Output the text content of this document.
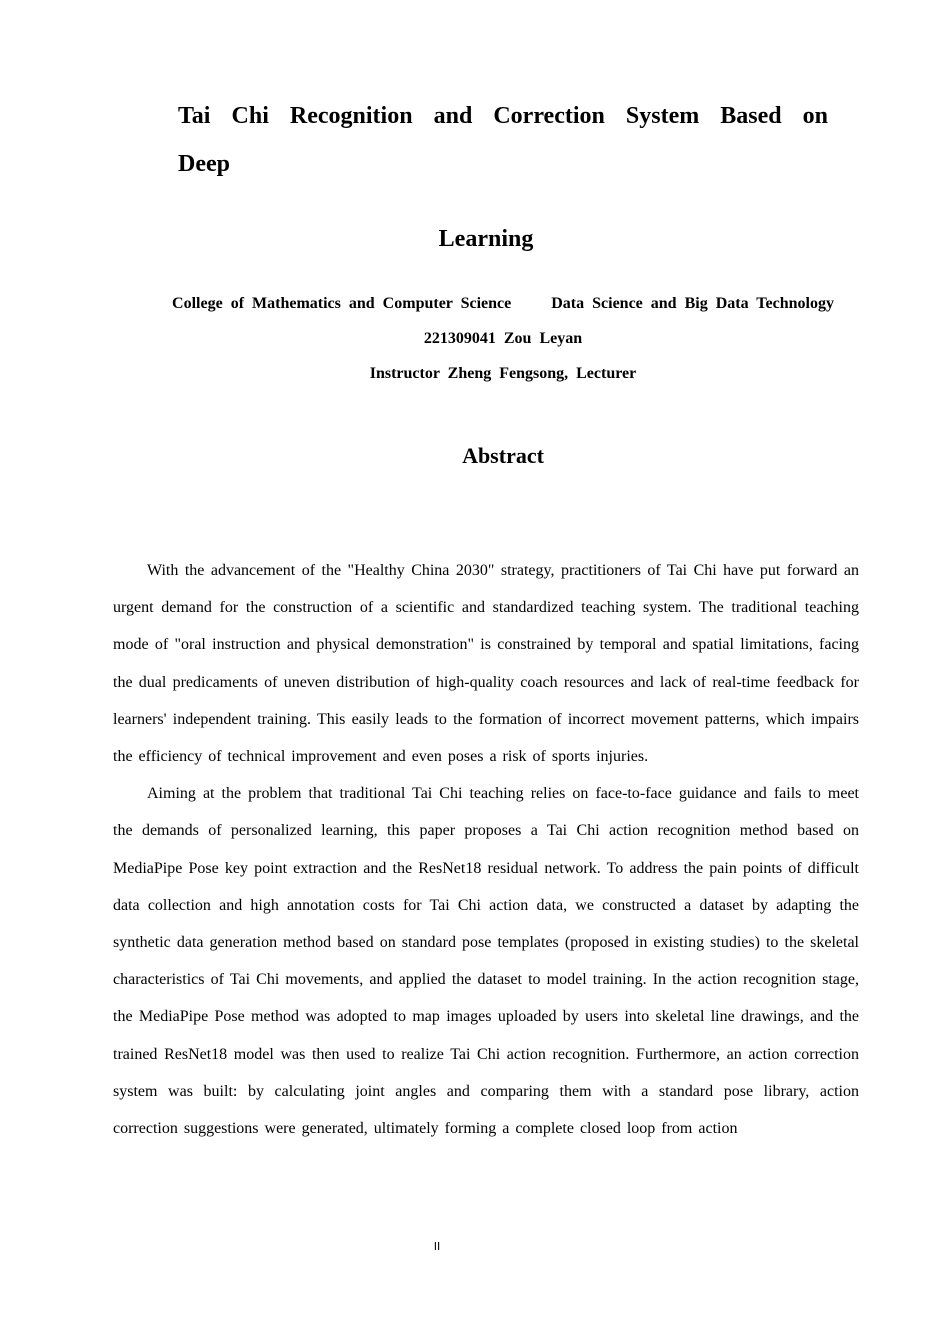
Tai Chi Recognition and Correction System Based on Deep
Learning
College of Mathematics and Computer Science     Data Science and Big Data Technology
221309041 Zou Leyan
Instructor Zheng Fengsong, Lecturer
Abstract

With the advancement of the "Healthy China 2030" strategy, practitioners of Tai Chi have put forward an urgent demand for the construction of a scientific and standardized teaching system. The traditional teaching mode of "oral instruction and physical demonstration" is constrained by temporal and spatial limitations, facing the dual predicaments of uneven distribution of high-quality coach resources and lack of real-time feedback for learners' independent training. This easily leads to the formation of incorrect movement patterns, which impairs the efficiency of technical improvement and even poses a risk of sports injuries.

Aiming at the problem that traditional Tai Chi teaching relies on face-to-face guidance and fails to meet the demands of personalized learning, this paper proposes a Tai Chi action recognition method based on MediaPipe Pose key point extraction and the ResNet18 residual network. To address the pain points of difficult data collection and high annotation costs for Tai Chi action data, we constructed a dataset by adapting the synthetic data generation method based on standard pose templates (proposed in existing studies) to the skeletal characteristics of Tai Chi movements, and applied the dataset to model training. In the action recognition stage, the MediaPipe Pose method was adopted to map images uploaded by users into skeletal line drawings, and the trained ResNet18 model was then used to realize Tai Chi action recognition. Furthermore, an action correction system was built: by calculating joint angles and comparing them with a standard pose library, action correction suggestions were generated, ultimately forming a complete closed loop from action

II
